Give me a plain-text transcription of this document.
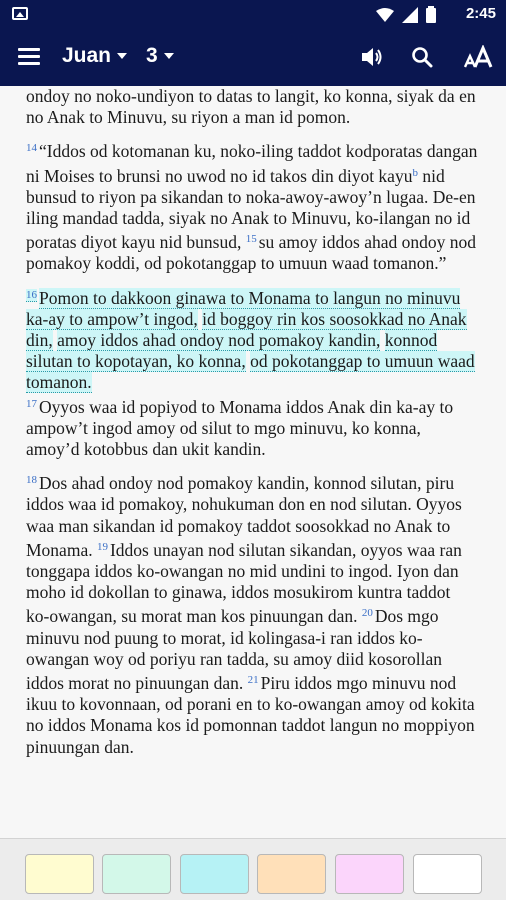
2:45
Juan 3

ondoy no noko-undiyon to datas to langit, ko konna, siyak da en no Anak to Minuvu, su riyon a man id pomon.

$^{14}$ “Iddos od kotomanan ku, noko-iling taddot kodporatas dangan ni Moises to brunsi no uwod no id takos din diyot kayu$^b$ nid bunsud to riyon pa sikandan to noka-awoy-awoy’n lugaa. De-en iling mandad tadda, siyak no Anak to Minuvu, ko-ilangan no id poratas diyot kayu nid bunsud, $^{15}$ su amoy iddos ahad ondoy nod pomakoy koddi, od pokotanggap to umuun waad tomanon.”

$^{16}$ Pomon to dakkoon ginawa to Monama to langun no minuvu ka-ay to ampow’t ingod, id boggoy rin kos soosokkad no Anak din, amoy iddos ahad ondoy nod pomakoy kandin, konnod silutan to kopotayan, ko konna, od pokotanggap to umuun waad tomanon.
$^{17}$ Oyyos waa id popiyod to Monama iddos Anak din ka-ay to ampow’t ingod amoy od silut to mgo minuvu, ko konna, amoy’d kotobbus dan ukit kandin.

$^{18}$ Dos ahad ondoy nod pomakoy kandin, konnod silutan, piru iddos waa id pomakoy, nohukuman don en nod silutan. Oyyos waa man sikandan id pomakoy taddot soosokkad no Anak to Monama. $^{19}$ Iddos unayan nod silutan sikandan, oyyos waa ran tonggapa iddos ko-owangan no mid undini to ingod. Iyon dan moho id dokollan to ginawa, iddos mosukirom kuntra taddot ko-owangan, su morat man kos pinuungan dan. $^{20}$ Dos mgo minuvu nod puung to morat, id kolingasa-i ran iddos ko-owangan woy od poriyu ran tadda, su amoy diid kosorollan iddos morat no pinuungan dan. $^{21}$ Piru iddos mgo minuvu nod ikuu to kovonnaan, od porani en to ko-owangan amoy od kokita no iddos Monama kos id pomonnan taddot langun no moppiyon pinuungan dan.
